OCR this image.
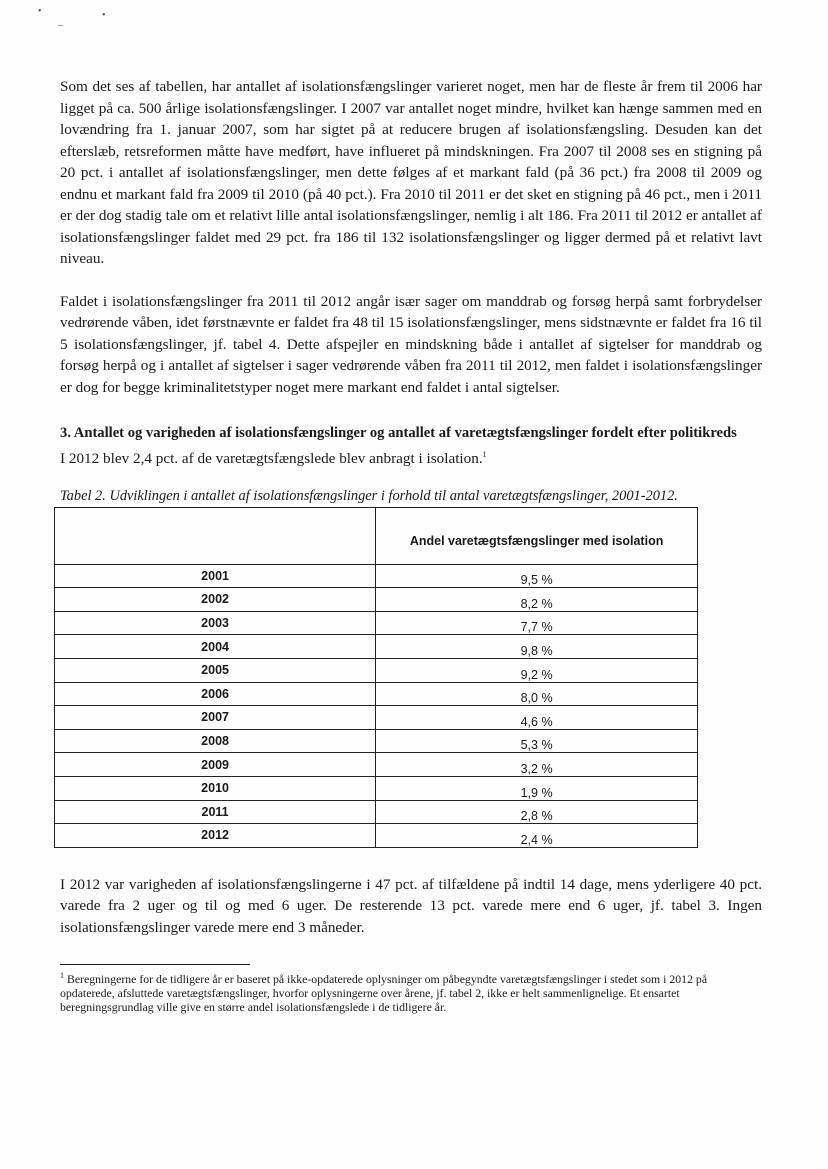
•	•
–

Som det ses af tabellen, har antallet af isolationsfængslinger varieret noget, men har de fleste år frem til 2006 har ligget på ca. 500 årlige isolationsfængslinger. I 2007 var antallet noget mindre, hvilket kan hænge sammen med en lovændring fra 1. januar 2007, som har sigtet på at reducere brugen af isolationsfængsling. Desuden kan det efterslæb, retsreformen måtte have medført, have influeret på mindskningen. Fra 2007 til 2008 ses en stigning på 20 pct. i antallet af isolationsfængslinger, men dette følges af et markant fald (på 36 pct.) fra 2008 til 2009 og endnu et markant fald fra 2009 til 2010 (på 40 pct.). Fra 2010 til 2011 er det sket en stigning på 46 pct., men i 2011 er der dog stadig tale om et relativt lille antal isolationsfængslinger, nemlig i alt 186. Fra 2011 til 2012 er antallet af isolationsfængslinger faldet med 29 pct. fra 186 til 132 isolationsfængslinger og ligger dermed på et relativt lavt niveau.

Faldet i isolationsfængslinger fra 2011 til 2012 angår især sager om manddrab og forsøg herpå samt forbrydelser vedrørende våben, idet førstnævnte er faldet fra 48 til 15 isolationsfængslinger, mens sidstnævnte er faldet fra 16 til 5 isolationsfængslinger, jf. tabel 4. Dette afspejler en mindskning både i antallet af sigtelser for manddrab og forsøg herpå og i antallet af sigtelser i sager vedrørende våben fra 2011 til 2012, men faldet i isolationsfængslinger er dog for begge kriminalitetstyper noget mere markant end faldet i antal sigtelser.

3. Antallet og varigheden af isolationsfængslinger og antallet af varetægtsfængslinger fordelt efter politikreds

I 2012 blev 2,4 pct. af de varetægtsfængslede blev anbragt i isolation.$^1$

Tabel 2. Udviklingen i antallet af isolationsfængslinger i forhold til antal varetægtsfængslinger, 2001-2012.
	Andel varetægtsfængslinger med isolation
2001	9,5 %
2002	8,2 %
2003	7,7 %
2004	9,8 %
2005	9,2 %
2006	8,0 %
2007	4,6 %
2008	5,3 %
2009	3,2 %
2010	1,9 %
2011	2,8 %
2012	2,4 %

I 2012 var varigheden af isolationsfængslingerne i 47 pct. af tilfældene på indtil 14 dage, mens yderligere 40 pct. varede fra 2 uger og til og med 6 uger. De resterende 13 pct. varede mere end 6 uger, jf. tabel 3. Ingen isolationsfængslinger varede mere end 3 måneder.

$^1$ Beregningerne for de tidligere år er baseret på ikke-opdaterede oplysninger om påbegyndte varetægtsfængslinger i stedet som i 2012 på opdaterede, afsluttede varetægtsfængslinger, hvorfor oplysningerne over årene, jf. tabel 2, ikke er helt sammenlignelige. Et ensartet beregningsgrundlag ville give en større andel isolationsfængslede i de tidligere år.
